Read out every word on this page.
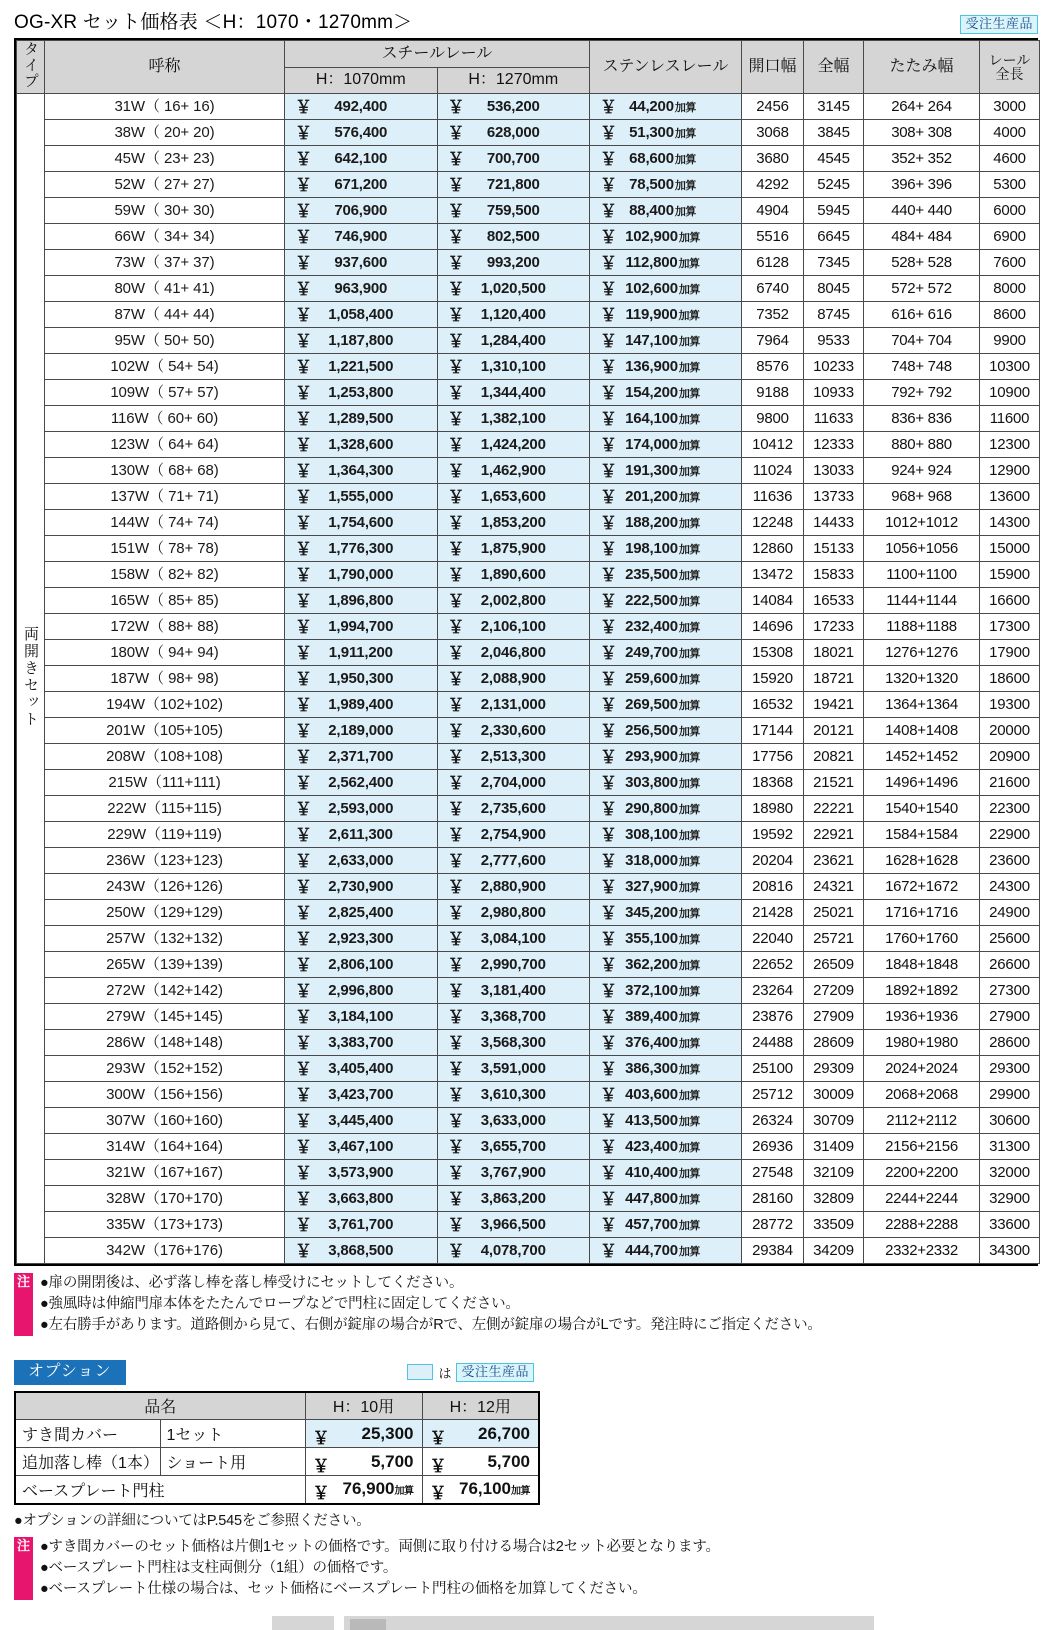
OG-XR セット価格表 ＜H：1070・1270mm＞	受注生産品
タイプ	呼称	スチールレール		ステンレスレール	開口幅	全幅	たたみ幅	レール
全長

		H：1070mm	H：1270mm					
両開きセット	31W（ 16+ 16)	￥ 492,400	￥ 536,200	￥ 44,200加算	2456	3145	264+ 264	3000
	38W（ 20+ 20)	￥ 576,400	￥ 628,000	￥ 51,300加算	3068	3845	308+ 308	4000
	45W（ 23+ 23)	￥ 642,100	￥ 700,700	￥ 68,600加算	3680	4545	352+ 352	4600
	52W（ 27+ 27)	￥ 671,200	￥ 721,800	￥ 78,500加算	4292	5245	396+ 396	5300
	59W（ 30+ 30)	￥ 706,900	￥ 759,500	￥ 88,400加算	4904	5945	440+ 440	6000
	66W（ 34+ 34)	￥ 746,900	￥ 802,500	￥ 102,900加算	5516	6645	484+ 484	6900
	73W（ 37+ 37)	￥ 937,600	￥ 993,200	￥ 112,800加算	6128	7345	528+ 528	7600
	80W（ 41+ 41)	￥ 963,900	￥ 1,020,500	￥ 102,600加算	6740	8045	572+ 572	8000
	87W（ 44+ 44)	￥ 1,058,400	￥ 1,120,400	￥ 119,900加算	7352	8745	616+ 616	8600
	95W（ 50+ 50)	￥ 1,187,800	￥ 1,284,400	￥ 147,100加算	7964	9533	704+ 704	9900
	102W（ 54+ 54)	￥ 1,221,500	￥ 1,310,100	￥ 136,900加算	8576	10233	748+ 748	10300
	109W（ 57+ 57)	￥ 1,253,800	￥ 1,344,400	￥ 154,200加算	9188	10933	792+ 792	10900
	116W（ 60+ 60)	￥ 1,289,500	￥ 1,382,100	￥ 164,100加算	9800	11633	836+ 836	11600
	123W（ 64+ 64)	￥ 1,328,600	￥ 1,424,200	￥ 174,000加算	10412	12333	880+ 880	12300
	130W（ 68+ 68)	￥ 1,364,300	￥ 1,462,900	￥ 191,300加算	11024	13033	924+ 924	12900
	137W（ 71+ 71)	￥ 1,555,000	￥ 1,653,600	￥ 201,200加算	11636	13733	968+ 968	13600
	144W（ 74+ 74)	￥ 1,754,600	￥ 1,853,200	￥ 188,200加算	12248	14433	1012+1012	14300
	151W（ 78+ 78)	￥ 1,776,300	￥ 1,875,900	￥ 198,100加算	12860	15133	1056+1056	15000
	158W（ 82+ 82)	￥ 1,790,000	￥ 1,890,600	￥ 235,500加算	13472	15833	1100+1100	15900
	165W（ 85+ 85)	￥ 1,896,800	￥ 2,002,800	￥ 222,500加算	14084	16533	1144+1144	16600
	172W（ 88+ 88)	￥ 1,994,700	￥ 2,106,100	￥ 232,400加算	14696	17233	1188+1188	17300
	180W（ 94+ 94)	￥ 1,911,200	￥ 2,046,800	￥ 249,700加算	15308	18021	1276+1276	17900
	187W（ 98+ 98)	￥ 1,950,300	￥ 2,088,900	￥ 259,600加算	15920	18721	1320+1320	18600
	194W（102+102)	￥ 1,989,400	￥ 2,131,000	￥ 269,500加算	16532	19421	1364+1364	19300
	201W（105+105)	￥ 2,189,000	￥ 2,330,600	￥ 256,500加算	17144	20121	1408+1408	20000
	208W（108+108)	￥ 2,371,700	￥ 2,513,300	￥ 293,900加算	17756	20821	1452+1452	20900
	215W（111+111)	￥ 2,562,400	￥ 2,704,000	￥ 303,800加算	18368	21521	1496+1496	21600
	222W（115+115)	￥ 2,593,000	￥ 2,735,600	￥ 290,800加算	18980	22221	1540+1540	22300
	229W（119+119)	￥ 2,611,300	￥ 2,754,900	￥ 308,100加算	19592	22921	1584+1584	22900
	236W（123+123)	￥ 2,633,000	￥ 2,777,600	￥ 318,000加算	20204	23621	1628+1628	23600
	243W（126+126)	￥ 2,730,900	￥ 2,880,900	￥ 327,900加算	20816	24321	1672+1672	24300
	250W（129+129)	￥ 2,825,400	￥ 2,980,800	￥ 345,200加算	21428	25021	1716+1716	24900
	257W（132+132)	￥ 2,923,300	￥ 3,084,100	￥ 355,100加算	22040	25721	1760+1760	25600
	265W（139+139)	￥ 2,806,100	￥ 2,990,700	￥ 362,200加算	22652	26509	1848+1848	26600
	272W（142+142)	￥ 2,996,800	￥ 3,181,400	￥ 372,100加算	23264	27209	1892+1892	27300
	279W（145+145)	￥ 3,184,100	￥ 3,368,700	￥ 389,400加算	23876	27909	1936+1936	27900
	286W（148+148)	￥ 3,383,700	￥ 3,568,300	￥ 376,400加算	24488	28609	1980+1980	28600
	293W（152+152)	￥ 3,405,400	￥ 3,591,000	￥ 386,300加算	25100	29309	2024+2024	29300
	300W（156+156)	￥ 3,423,700	￥ 3,610,300	￥ 403,600加算	25712	30009	2068+2068	29900
	307W（160+160)	￥ 3,445,400	￥ 3,633,000	￥ 413,500加算	26324	30709	2112+2112	30600
	314W（164+164)	￥ 3,467,100	￥ 3,655,700	￥ 423,400加算	26936	31409	2156+2156	31300
	321W（167+167)	￥ 3,573,900	￥ 3,767,900	￥ 410,400加算	27548	32109	2200+2200	32000
	328W（170+170)	￥ 3,663,800	￥ 3,863,200	￥ 447,800加算	28160	32809	2244+2244	32900
	335W（173+173)	￥ 3,761,700	￥ 3,966,500	￥ 457,700加算	28772	33509	2288+2288	33600
	342W（176+176)	￥ 3,868,500	￥ 4,078,700	￥ 444,700加算	29384	34209	2332+2332	34300
注 ●扉の開閉後は、必ず落し棒を落し棒受けにセットしてください。
●強風時は伸縮門扉本体をたたんでロープなどで門柱に固定してください。
●左右勝手があります。道路側から見て、右側が錠扉の場合がRで、左側が錠扉の場合がLです。発注時にご指定ください。
オプション	は 受注生産品
品名		H：10用	H：12用
すき間カバー	1セット	￥ 25,300	￥ 26,700
追加落し棒（1本）	ショート用	￥ 5,700	￥ 5,700
ベースプレート門柱		￥ 76,900加算	￥ 76,100加算
●オプションの詳細についてはP.545をご参照ください。
注 ●すき間カバーのセット価格は片側1セットの価格です。両側に取り付ける場合は2セット必要となります。
●ベースプレート門柱は支柱両側分（1組）の価格です。
●ベースプレート仕様の場合は、セット価格にベースプレート門柱の価格を加算してください。
